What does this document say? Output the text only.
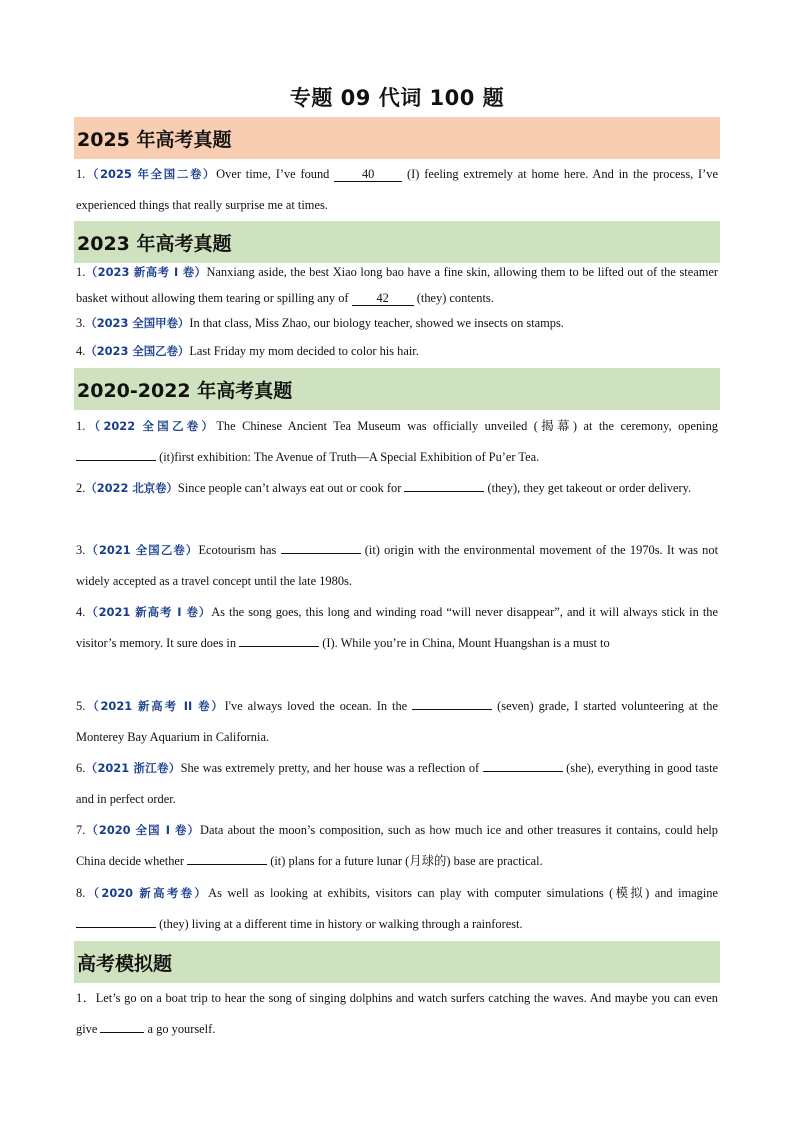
专题 09 代词 100 题
2025 年高考真题
1.（2025 年全国二卷）Over time, I’ve found 40 (I) feeling extremely at home here. And in the process, I’ve experienced things that really surprise me at times.
2023 年高考真题
1.（2023 新高考 I 卷）Nanxiang aside, the best Xiao long bao have a fine skin, allowing them to be lifted out of the steamer basket without allowing them tearing or spilling any of 42 (they) contents.
3.（2023 全国甲卷）In that class, Miss Zhao, our biology teacher, showed we insects on stamps.
4.（2023 全国乙卷）Last Friday my mom decided to color his hair.
2020-2022 年高考真题
1.（2022 全国乙卷）The Chinese Ancient Tea Museum was officially unveiled (揭幕) at the ceremony, opening  (it)first exhibition: The Avenue of Truth—A Special Exhibition of Pu’er Tea.
2.（2022 北京卷）Since people can’t always eat out or cook for	(they), they get takeout or order delivery.
3.（2021 全国乙卷）Ecotourism has	(it) origin with the environmental movement of the 1970s. It was not widely accepted as a travel concept until the late 1980s.
4.（2021 新高考 I 卷）As the song goes, this long and winding road “will never disappear”, and it will always stick in the visitor’s memory. It sure does in	(I). While you’re in China, Mount Huangshan is a must to
5.（2021 新高考 II 卷）I've always loved the ocean. In the	(seven) grade, I started volunteering at the Monterey Bay Aquarium in California.
6.（2021 浙江卷）She was extremely pretty, and her house was a reflection of	(she), everything in good taste and in perfect order.
7.（2020 全国 I 卷）Data about the moon’s composition, such as how much ice and other treasures it contains, could help China decide whether	(it) plans for a future lunar (月球的) base are practical.
8.（2020 新高考卷）As well as looking at exhibits, visitors can play with computer simulations (模拟) and imagine  (they) living at a different time in history or walking through a rainforest.
高考模拟题
1．Let’s go on a boat trip to hear the song of singing dolphins and watch surfers catching the waves. And maybe you can even give	a go yourself.
